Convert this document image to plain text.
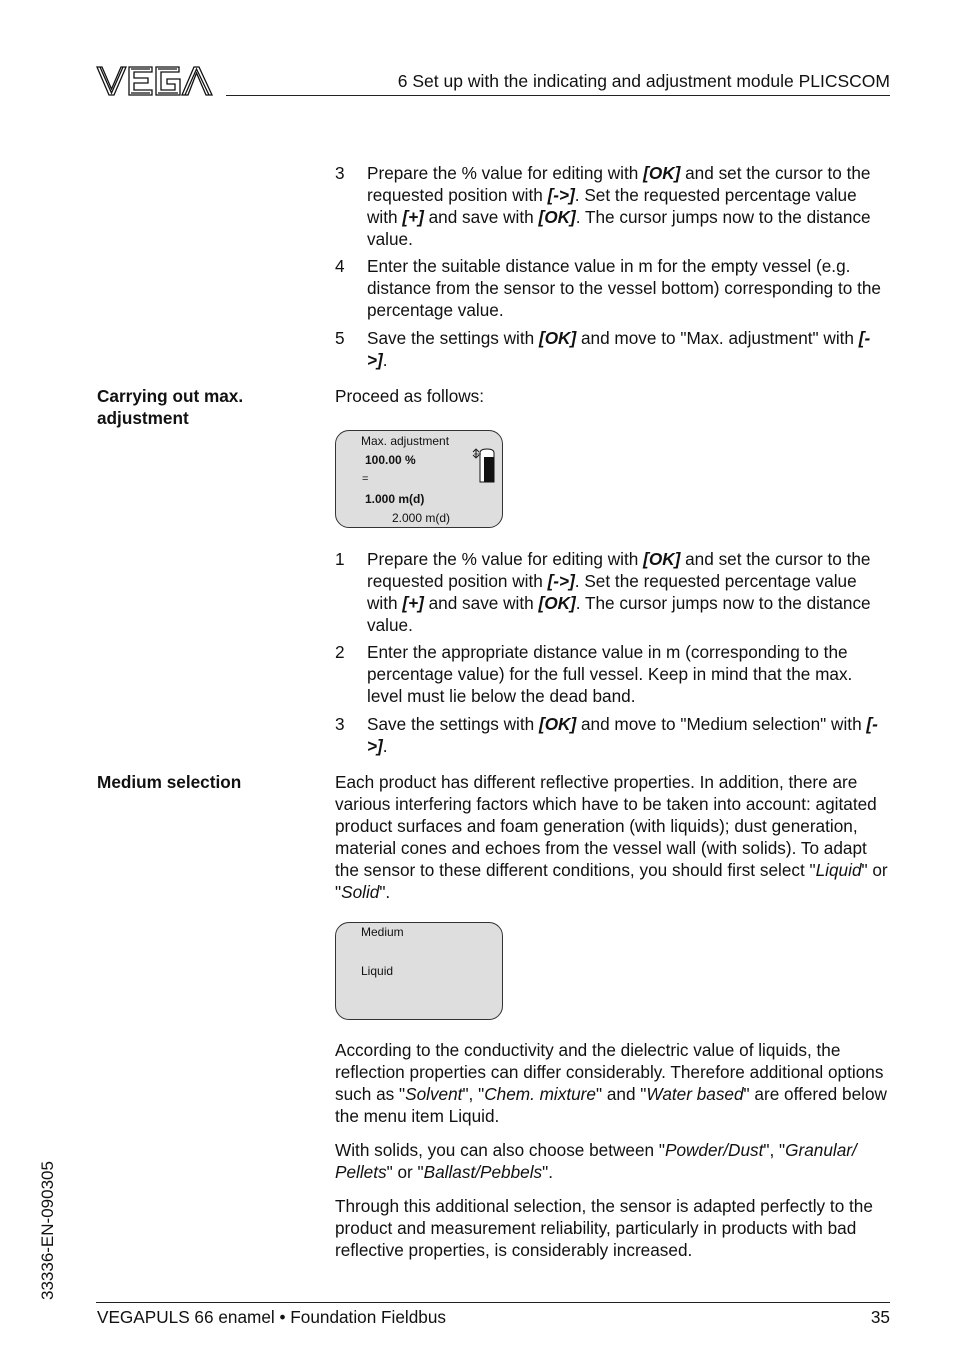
6 Set up with the indicating and adjustment module PLICSCOM
3	Prepare the % value for editing with [OK] and set the cursor to the requested position with [->]. Set the requested percentage value with [+] and save with [OK]. The cursor jumps now to the distance value.
4	Enter the suitable distance value in m for the empty vessel (e.g. distance from the sensor to the vessel bottom) corresponding to the percentage value.
5	Save the settings with [OK] and move to "Max. adjustment" with [->].
Carrying out max. adjustment
Proceed as follows:
Max. adjustment
100.00 %
=
1.000 m(d)
2.000 m(d)
1	Prepare the % value for editing with [OK] and set the cursor to the requested position with [->]. Set the requested percentage value with [+] and save with [OK]. The cursor jumps now to the distance value.
2	Enter the appropriate distance value in m (corresponding to the percentage value) for the full vessel. Keep in mind that the max. level must lie below the dead band.
3	Save the settings with [OK] and move to "Medium selection" with [->].
Medium selection	Each product has different reflective properties. In addition, there are various interfering factors which have to be taken into account: agitated product surfaces and foam generation (with liquids); dust generation, material cones and echoes from the vessel wall (with solids). To adapt the sensor to these different conditions, you should first select "Liquid" or "Solid".
Medium
Liquid
According to the conductivity and the dielectric value of liquids, the reflection properties can differ considerably. Therefore additional options such as "Solvent", "Chem. mixture" and "Water based" are offered below the menu item Liquid.
With solids, you can also choose between "Powder/Dust", "Granular/ Pellets" or "Ballast/Pebbels".
Through this additional selection, the sensor is adapted perfectly to the product and measurement reliability, particularly in products with bad reflective properties, is considerably increased.
33336-EN-090305
VEGAPULS 66 enamel • Foundation Fieldbus	35
